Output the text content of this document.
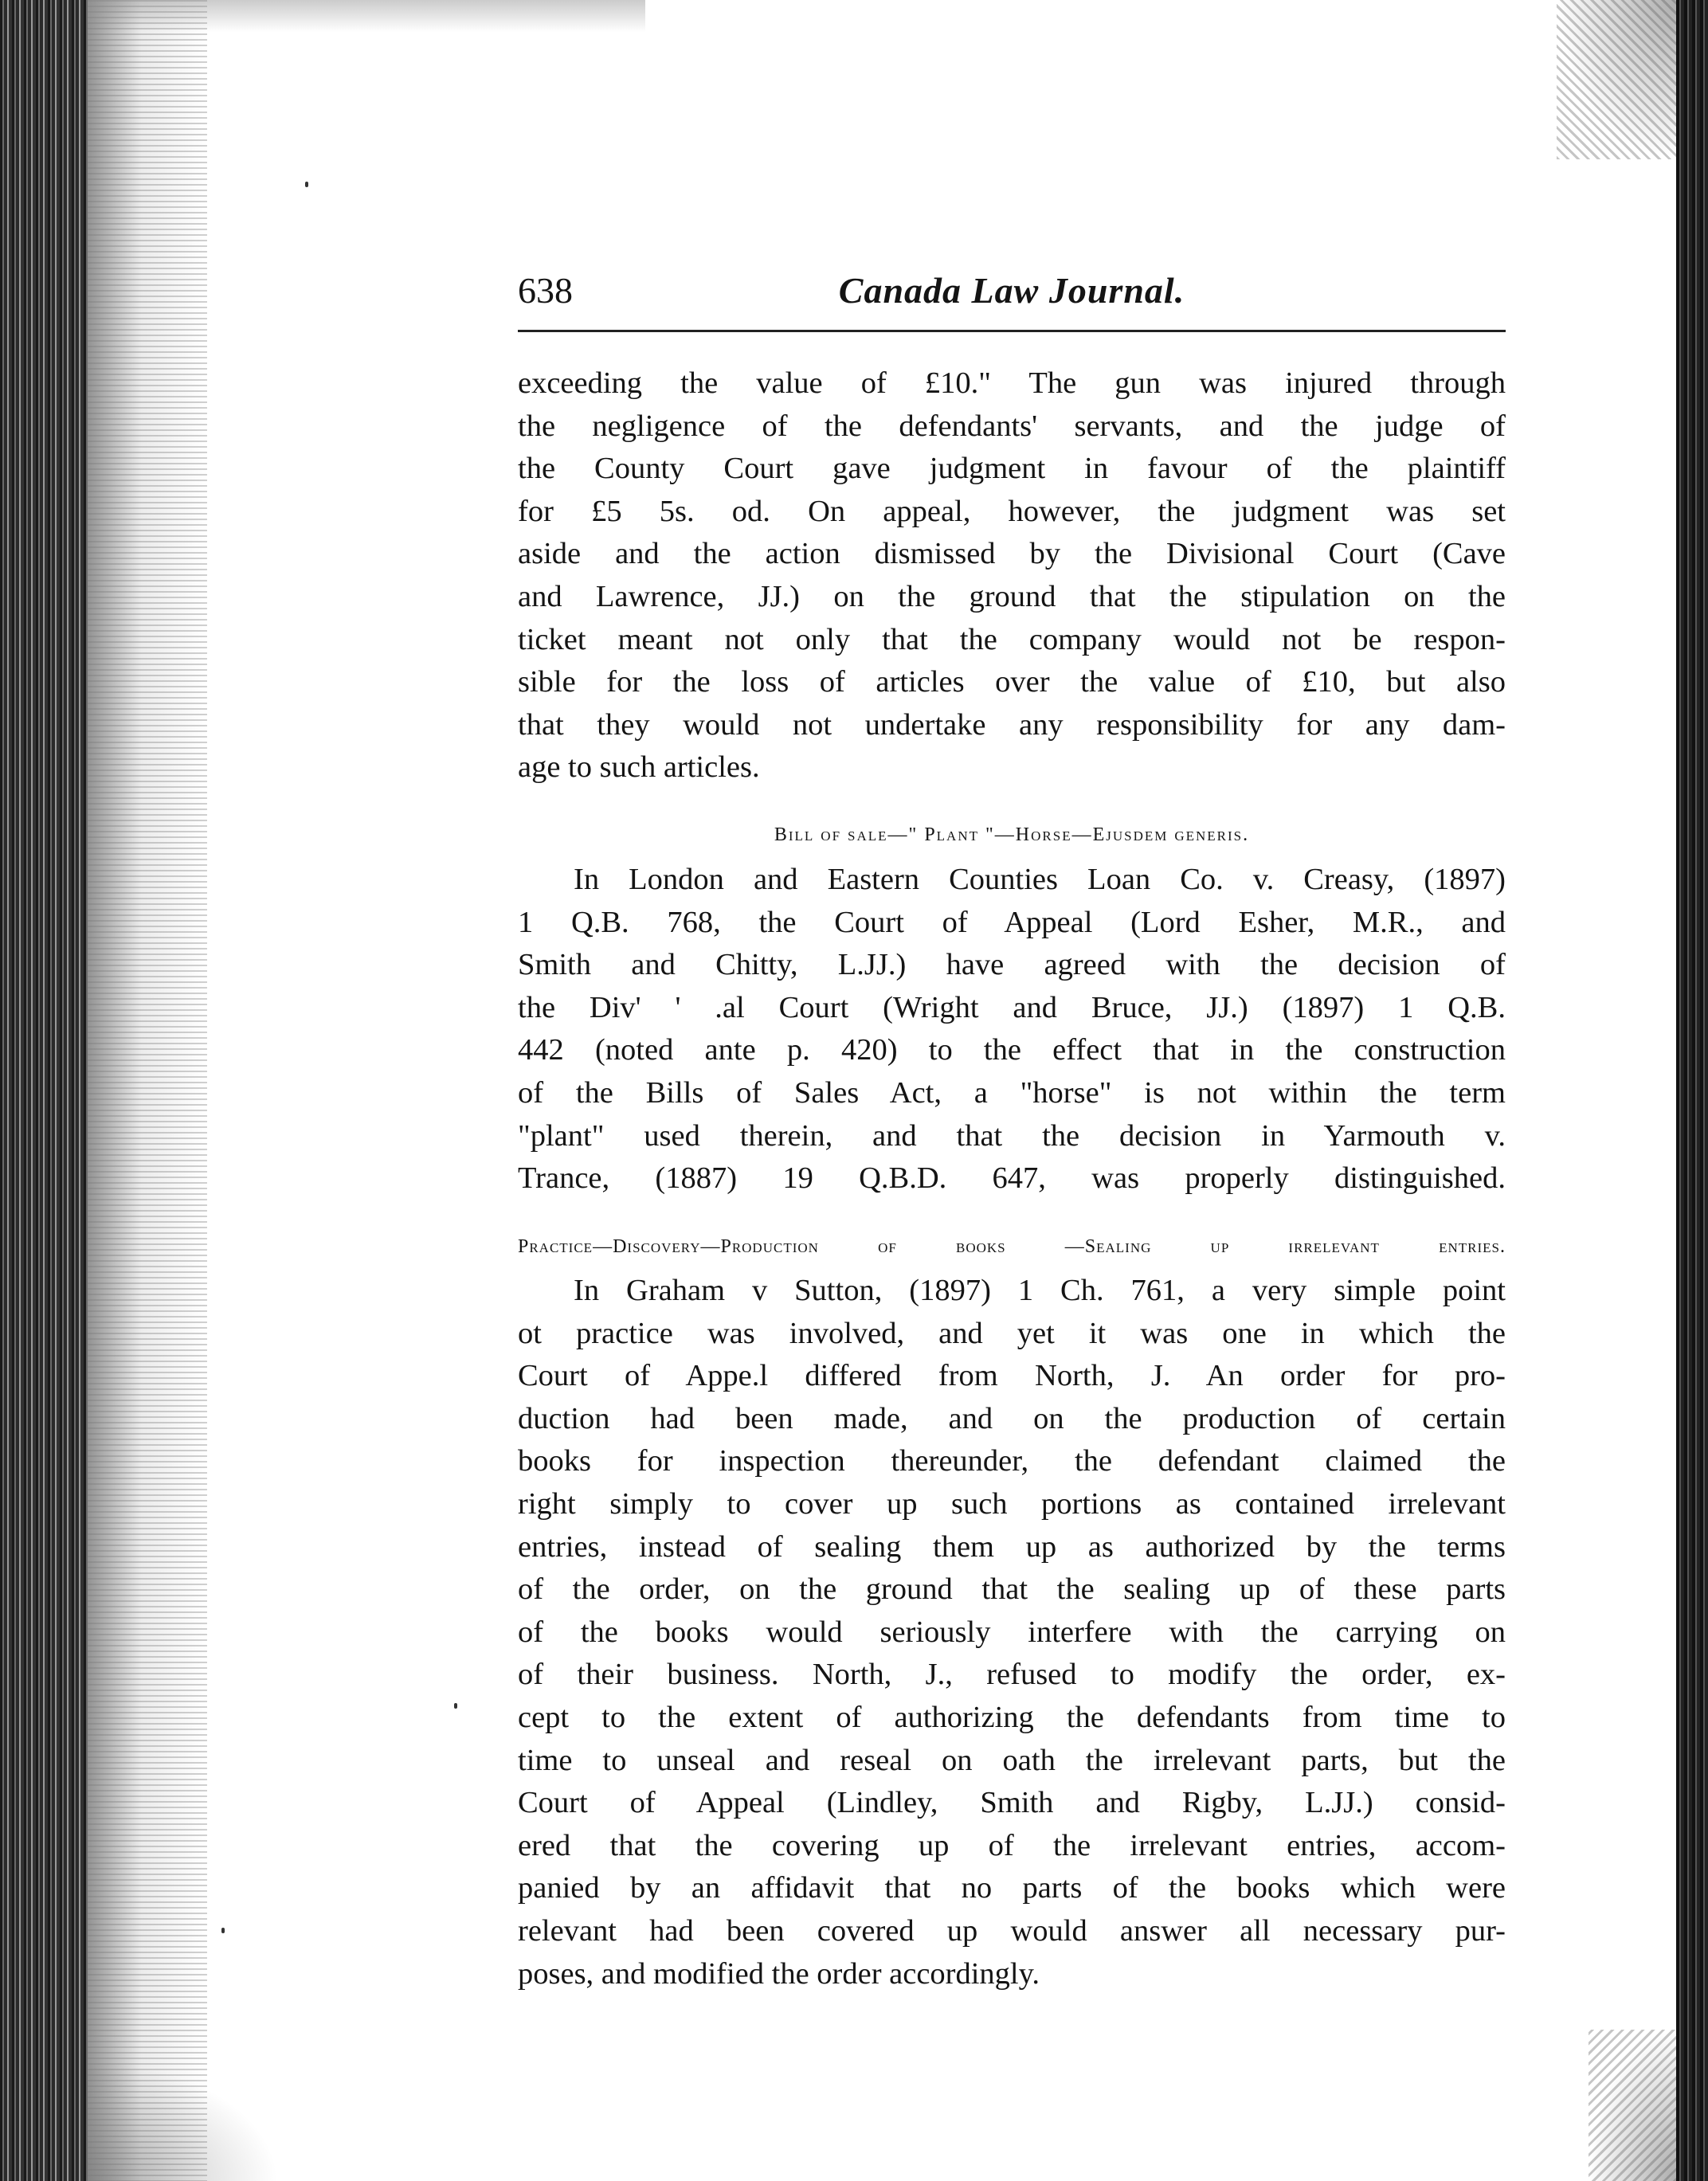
638	Canada Law Journal.
exceeding the value of £10." The gun was injured through
the negligence of the defendants' servants, and the judge of
the County Court gave judgment in favour of the plaintiff
for £5 5s. od. On appeal, however, the judgment was set
aside and the action dismissed by the Divisional Court (Cave
and Lawrence, JJ.) on the ground that the stipulation on the
ticket meant not only that the company would not be respon-
sible for the loss of articles over the value of £10, but also
that they would not undertake any responsibility for any dam-
age to such articles.
Bill of sale—" Plant "—Horse—Ejusdem generis.
In London and Eastern Counties Loan Co. v. Creasy, (1897)
1 Q.B. 768, the Court of Appeal (Lord Esher, M.R., and
Smith and Chitty, L.JJ.) have agreed with the decision of
the Div' ' .al Court (Wright and Bruce, JJ.) (1897) 1 Q.B.
442 (noted ante p. 420) to the effect that in the construction
of the Bills of Sales Act, a "horse" is not within the term
"plant" used therein, and that the decision in Yarmouth v.
Trance, (1887) 19 Q.B.D. 647, was properly distinguished.
Practice—Discovery—Production of books —Sealing up irrelevant entries.
In Graham v Sutton, (1897) 1 Ch. 761, a very simple point
ot practice was involved, and yet it was one in which the
Court of Appe.l differed from North, J. An order for pro-
duction had been made, and on the production of certain
books for inspection thereunder, the defendant claimed the
right simply to cover up such portions as contained irrelevant
entries, instead of sealing them up as authorized by the terms
of the order, on the ground that the sealing up of these parts
of the books would seriously interfere with the carrying on
of their business. North, J., refused to modify the order, ex-
cept to the extent of authorizing the defendants from time to
time to unseal and reseal on oath the irrelevant parts, but the
Court of Appeal (Lindley, Smith and Rigby, L.JJ.) consid-
ered that the covering up of the irrelevant entries, accom-
panied by an affidavit that no parts of the books which were
relevant had been covered up would answer all necessary pur-
poses, and modified the order accordingly.
